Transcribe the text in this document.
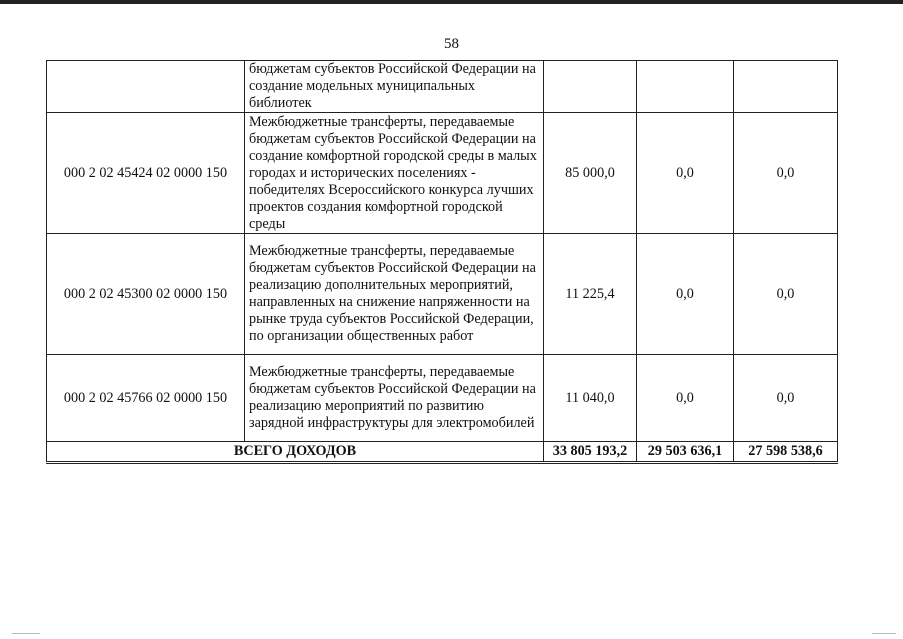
58
	бюджетам субъектов Российской Федерации на создание модельных муниципальных библиотек			
000 2 02 45424 02 0000 150	Межбюджетные трансферты, передаваемые бюджетам субъектов Российской Федерации на создание комфортной городской среды в малых городах и исторических поселениях - победителях Всероссийского конкурса лучших проектов создания комфортной городской среды	85 000,0	0,0	0,0
000 2 02 45300 02 0000 150	Межбюджетные трансферты, передаваемые бюджетам субъектов Российской Федерации на реализацию дополнительных мероприятий, направленных на снижение напряженности на рынке труда субъектов Российской Федерации, по организации общественных работ	11 225,4	0,0	0,0
000 2 02 45766 02 0000 150	Межбюджетные трансферты, передаваемые бюджетам субъектов Российской Федерации на реализацию мероприятий по развитию зарядной инфраструктуры для электромобилей	11 040,0	0,0	0,0
ВСЕГО ДОХОДОВ		33 805 193,2	29 503 636,1	27 598 538,6
